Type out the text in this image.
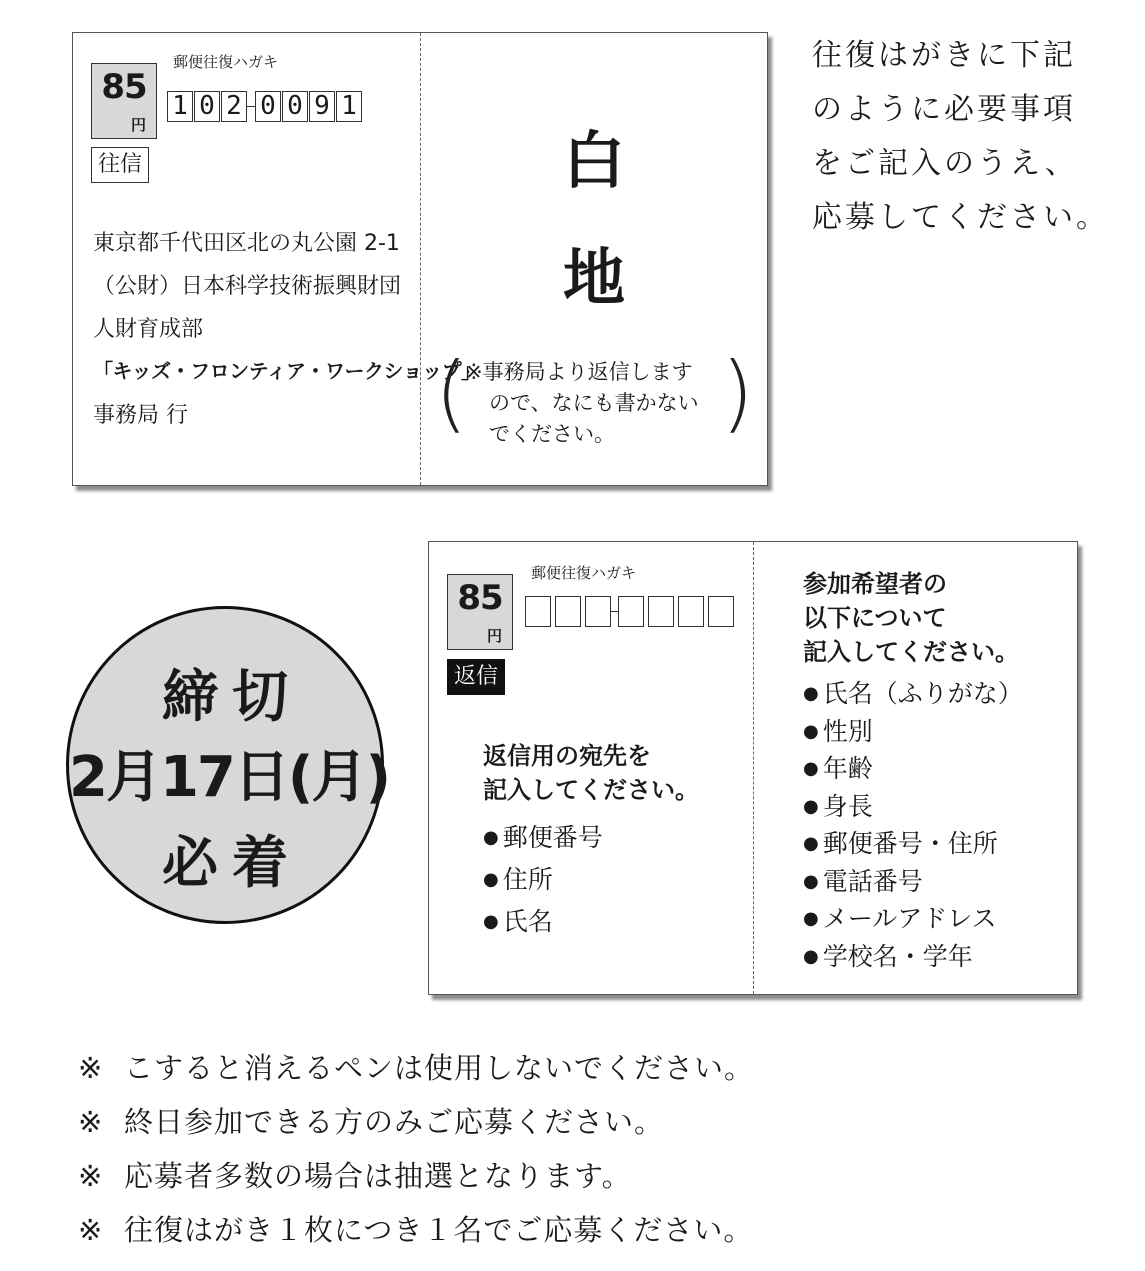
郵便往復ハガキ
85
円
1 0 2 0 0 9 1
往信
東京都千代田区北の丸公園 2-1
（公財）日本科学技術振興財団
人財育成部
「キッズ・フロンティア・ワークショップ」
事務局 行
白
地
(	)
※事務局より返信します
ので、なにも書かない
でください。
往復はがきに下記
のように必要事項
をご記入のうえ、
応募してください。
締切
2月17日(月)
必着
郵便往復ハガキ
85
円
返信
返信用の宛先を
記入してください。
● 郵便番号
● 住所
● 氏名
参加希望者の
以下について
記入してください。
● 氏名（ふりがな）
● 性別
● 年齢
● 身長
● 郵便番号・住所
● 電話番号
● メールアドレス
● 学校名・学年
※ こすると消えるペンは使用しないでください。
※ 終日参加できる方のみご応募ください。
※ 応募者多数の場合は抽選となります。
※ 往復はがき１枚につき１名でご応募ください。
